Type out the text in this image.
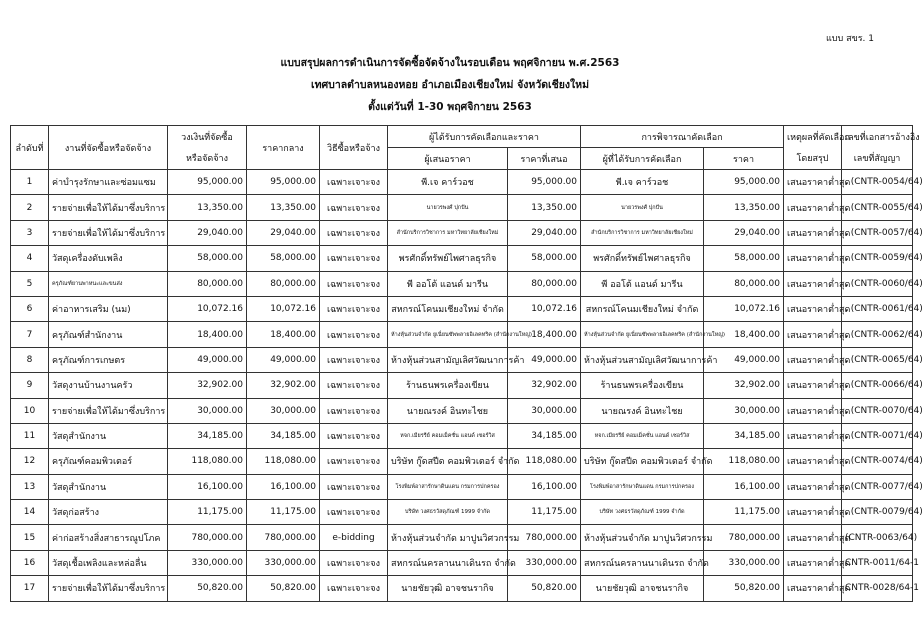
แบบ สขร. 1
แบบสรุปผลการดำเนินการจัดซื้อจัดจ้างในรอบเดือน พฤศจิกายน พ.ศ.2563
เทศบาลตำบลหนองหอย อำเภอเมืองเชียงใหม่ จังหวัดเชียงใหม่
ตั้งแต่วันที่ 1-30 พฤศจิกายน 2563
ลำดับที่	งานที่จัดซื้อหรือจัดจ้าง	วงเงินที่จัดซื้อ	ราคากลาง	วิธีซื้อหรือจ้าง	ผู้ได้รับการคัดเลือกและราคา		การพิจารณาคัดเลือก		เหตุผลที่คัดเลือก	เลขที่เอกสารอ้างอิง
		หรือจัดจ้าง			ผู้เสนอราคา	ราคาที่เสนอ	ผู้ที่ได้รับการคัดเลือก	ราคา	โดยสรุป	เลขที่สัญญา
1	ค่าบำรุงรักษาและซ่อมแซม	95,000.00	95,000.00	เฉพาะเจาะจง	พี.เจ คาร์วอช	95,000.00	พี.เจ คาร์วอช	95,000.00	เสนอราคาต่ำสุด	. (CNTR-0054/64)
2	รายจ่ายเพื่อให้ได้มาซึ่งบริการ	13,350.00	13,350.00	เฉพาะเจาะจง	นายวรพงศ์ ปุกปัน	13,350.00	นายวรพงศ์ ปุกปัน	13,350.00	เสนอราคาต่ำสุด	. (CNTR-0055/64)
3	รายจ่ายเพื่อให้ได้มาซึ่งบริการ	29,040.00	29,040.00	เฉพาะเจาะจง	สำนักบริการวิชาการ มหาวิทยาลัยเชียงใหม่	29,040.00	สำนักบริการวิชาการ มหาวิทยาลัยเชียงใหม่	29,040.00	เสนอราคาต่ำสุด	. (CNTR-0057/64)
4	วัสดุเครื่องดับเพลิง	58,000.00	58,000.00	เฉพาะเจาะจง	พรศักดิ์ทรัพย์ไพศาลธุรกิจ	58,000.00	พรศักดิ์ทรัพย์ไพศาลธุรกิจ	58,000.00	เสนอราคาต่ำสุด	. (CNTR-0059/64)
5	ครุภัณฑ์ยานพาหนะและขนส่ง	80,000.00	80,000.00	เฉพาะเจาะจง	พี ออโต้ แอนด์ มารีน	80,000.00	พี ออโต้ แอนด์ มารีน	80,000.00	เสนอราคาต่ำสุด	. (CNTR-0060/64)
6	ค่าอาหารเสริม (นม)	10,072.16	10,072.16	เฉพาะเจาะจง	สหกรณ์โคนมเชียงใหม่ จำกัด	10,072.16	สหกรณ์โคนมเชียงใหม่ จำกัด	10,072.16	เสนอราคาต่ำสุด	. (CNTR-0061/64)
7	ครุภัณฑ์สำนักงาน	18,400.00	18,400.00	เฉพาะเจาะจง	ห้างหุ้นส่วนจำกัด ยูเนี่ยนซัพพลายอิเลคทริค (สำนักงานใหญ่)	18,400.00	ห้างหุ้นส่วนจำกัด ยูเนี่ยนซัพพลายอิเลคทริค (สำนักงานใหญ่)	18,400.00	เสนอราคาต่ำสุด	. (CNTR-0062/64)
8	ครุภัณฑ์การเกษตร	49,000.00	49,000.00	เฉพาะเจาะจง	ห้างหุ้นส่วนสามัญเลิศวัฒนาการค้า	49,000.00	ห้างหุ้นส่วนสามัญเลิศวัฒนาการค้า	49,000.00	เสนอราคาต่ำสุด	. (CNTR-0065/64)
9	วัสดุงานบ้านงานครัว	32,902.00	32,902.00	เฉพาะเจาะจง	ร้านธนพรเครื่องเขียน	32,902.00	ร้านธนพรเครื่องเขียน	32,902.00	เสนอราคาต่ำสุด	. (CNTR-0066/64)
10	รายจ่ายเพื่อให้ได้มาซึ่งบริการ	30,000.00	30,000.00	เฉพาะเจาะจง	นายณรงค์ อินทะไชย	30,000.00	นายณรงค์ อินทะไชย	30,000.00	เสนอราคาต่ำสุด	. (CNTR-0070/64)
11	วัสดุสำนักงาน	34,185.00	34,185.00	เฉพาะเจาะจง	หจก.เมียรรีย์ คอมเม็คชั่น แอนด์ เซอร์วิส	34,185.00	หจก.เมียรรีย์ คอมเม็คชั่น แอนด์ เซอร์วิส	34,185.00	เสนอราคาต่ำสุด	. (CNTR-0071/64)
12	ครุภัณฑ์คอมพิวเตอร์	118,080.00	118,080.00	เฉพาะเจาะจง	บริษัท กู๊ดสปีด คอมพิวเตอร์ จำกัด	118,080.00	บริษัท กู๊ดสปีด คอมพิวเตอร์ จำกัด	118,080.00	เสนอราคาต่ำสุด	. (CNTR-0074/64)
13	วัสดุสำนักงาน	16,100.00	16,100.00	เฉพาะเจาะจง	โรงพิมพ์อาสารักษาดินแดน กรมการปกครอง	16,100.00	โรงพิมพ์อาสารักษาดินแดน กรมการปกครอง	16,100.00	เสนอราคาต่ำสุด	. (CNTR-0077/64)
14	วัสดุก่อสร้าง	11,175.00	11,175.00	เฉพาะเจาะจง	บริษัท วงศธรวัสดุภัณฑ์ 1999 จำกัด	11,175.00	บริษัท วงศธรวัสดุภัณฑ์ 1999 จำกัด	11,175.00	เสนอราคาต่ำสุด	. (CNTR-0079/64)
15	ค่าก่อสร้างสิ่งสาธารณูปโภค	780,000.00	780,000.00	e-bidding	ห้างหุ้นส่วนจำกัด มาปูนวิศวกรรม	780,000.00	ห้างหุ้นส่วนจำกัด มาปูนวิศวกรรม	780,000.00	เสนอราคาต่ำสุด	(CNTR-0063/64)
16	วัสดุเชื้อเพลิงและหล่อลื่น	330,000.00	330,000.00	เฉพาะเจาะจง	สหกรณ์นครลานนาเดินรถ จำกัด	330,000.00	สหกรณ์นครลานนาเดินรถ จำกัด	330,000.00	เสนอราคาต่ำสุด	CNTR-0011/64-1
17	รายจ่ายเพื่อให้ได้มาซึ่งบริการ	50,820.00	50,820.00	เฉพาะเจาะจง	นายชัยวุฒิ อาจชนรากิจ	50,820.00	นายชัยวุฒิ อาจชนรากิจ	50,820.00	เสนอราคาต่ำสุด	CNTR-0028/64-1
